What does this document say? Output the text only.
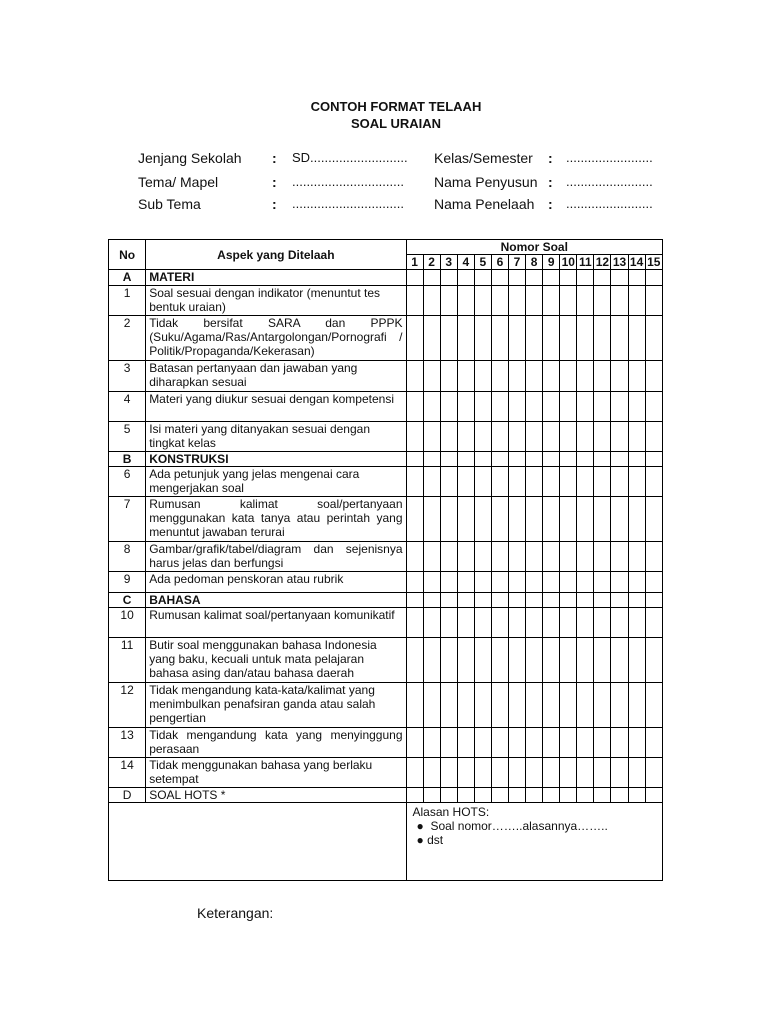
CONTOH FORMAT TELAAH
SOAL URAIAN
Jenjang Sekolah : SD........................... Kelas/Semester : ........................
Tema/ Mapel	: ............................... Nama Penyusun : ........................
Sub Tema	: ............................... Nama Penelaah : ........................
No	Aspek yang Ditelaah	Nomor Soal														
		1	2	3	4	5	6	7	8	9	10	11	12	13	14	15
A	MATERI															
1	Soal sesuai dengan indikator (menuntut tes bentuk uraian)															
2	Tidak bersifat SARA dan PPPK (Suku/Agama/Ras/Antargolongan/Pornografi / Politik/Propaganda/Kekerasan)															
3	Batasan pertanyaan dan jawaban yang diharapkan sesuai															
4	Materi yang diukur sesuai dengan kompetensi															
5	Isi materi yang ditanyakan sesuai dengan tingkat kelas															
B	KONSTRUKSI															
6	Ada petunjuk yang jelas mengenai cara mengerjakan soal															
7	Rumusan kalimat soal/pertanyaan menggunakan kata tanya atau perintah yang menuntut jawaban terurai															
8	Gambar/grafik/tabel/diagram dan sejenisnya harus jelas dan berfungsi															
9	Ada pedoman penskoran atau rubrik															
C	BAHASA															
10	Rumusan kalimat soal/pertanyaan komunikatif															
11	Butir soal menggunakan bahasa Indonesia yang baku, kecuali untuk mata pelajaran bahasa asing dan/atau bahasa daerah															
12	Tidak mengandung kata-kata/kalimat yang menimbulkan penafsiran ganda atau salah pengertian															
13	Tidak mengandung kata yang menyinggung perasaan															
14	Tidak menggunakan bahasa yang berlaku setempat															
D	SOAL HOTS *															

		Alasan HOTS:
● Soal nomor……..alasannya……..
● dst														
Keterangan:
